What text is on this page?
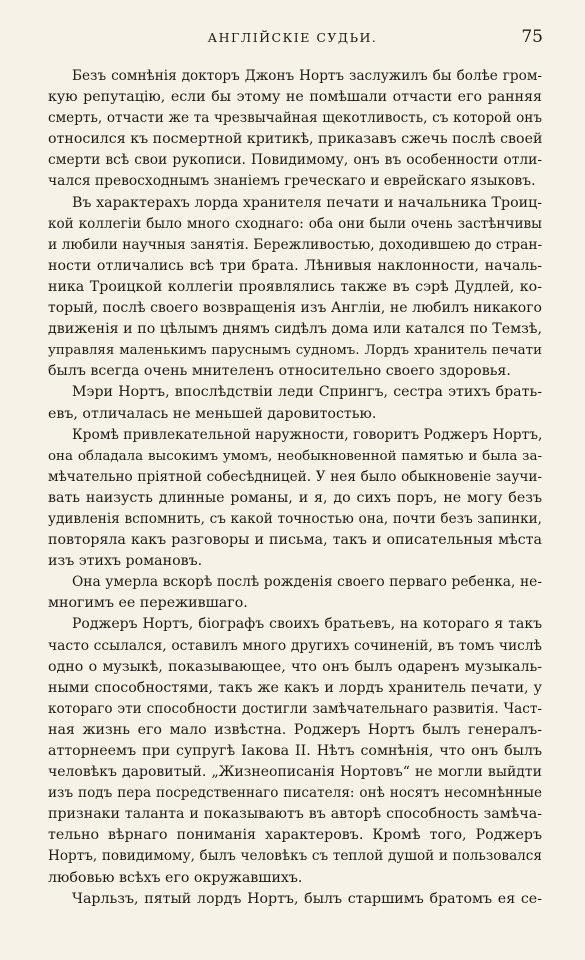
АНГЛІЙСКІЕ СУДЬИ.	75
Безъ сомнѣнія докторъ Джонъ Нортъ заслужилъ бы болѣе гром-
кую репутацію, если бы этому не помѣшали отчасти его ранняя
смерть, отчасти же та чрезвычайная щекотливость, съ которой онъ
относился къ посмертной критикѣ, приказавъ сжечь послѣ своей
смерти всѣ свои рукописи. Повидимому, онъ въ особенности отли-
чался превосходнымъ знаніемъ греческаго и еврейскаго языковъ.
Въ характерахъ лорда хранителя печати и начальника Троиц-
кой коллегіи было много сходнаго: оба они были очень застѣнчивы
и любили научныя занятія. Бережливостью, доходившею до стран-
ности отличались всѣ три брата. Лѣнивыя наклонности, началь-
ника Троицкой коллегіи проявлялись также въ сэрѣ Дудлей, ко-
торый, послѣ своего возвращенія изъ Англіи, не любилъ никакого
движенія и по цѣлымъ днямъ сидѣлъ дома или катался по Темзѣ,
управляя маленькимъ паруснымъ судномъ. Лордъ хранитель печати
былъ всегда очень мнителенъ относительно своего здоровья.
Мэри Нортъ, впослѣдствіи леди Спрингъ, сестра этихъ брать-
евъ, отличалась не меньшей даровитостью.
Кромѣ привлекательной наружности, говоритъ Роджеръ Нортъ,
она обладала высокимъ умомъ, необыкновенной памятью и была за-
мѣчательно пріятной собесѣдницей. У нея было обыкновеніе заучи-
вать наизусть длинные романы, и я, до сихъ поръ, не могу безъ
удивленія вспомнить, съ какой точностью она, почти безъ запинки,
повторяла какъ разговоры и письма, такъ и описательныя мѣста
изъ этихъ романовъ.
Она умерла вскорѣ послѣ рожденія своего перваго ребенка, не-
многимъ ее пережившаго.
Роджеръ Нортъ, біографъ своихъ братьевъ, на котораго я такъ
часто ссылался, оставилъ много другихъ сочиненій, въ томъ числѣ
одно о музыкѣ, показывающее, что онъ былъ одаренъ музыкаль-
ными способностями, такъ же какъ и лордъ хранитель печати, у
котораго эти способности достигли замѣчательнаго развитія. Част-
ная жизнь его мало извѣстна. Роджеръ Нортъ былъ генералъ-
атторнеемъ при супругѣ Іакова II. Нѣтъ сомнѣнія, что онъ былъ
человѣкъ даровитый. „Жизнеописанія Нортовъ“ не могли выйдти
изъ подъ пера посредственнаго писателя: онѣ носятъ несомнѣнные
признаки таланта и показываютъ въ авторѣ способность замѣча-
тельно вѣрнаго пониманія характеровъ. Кромѣ того, Роджеръ
Нортъ, повидимому, былъ человѣкъ съ теплой душой и пользовался
любовью всѣхъ его окружавшихъ.
Чарльзъ, пятый лордъ Нортъ, былъ старшимъ братомъ ея се-
